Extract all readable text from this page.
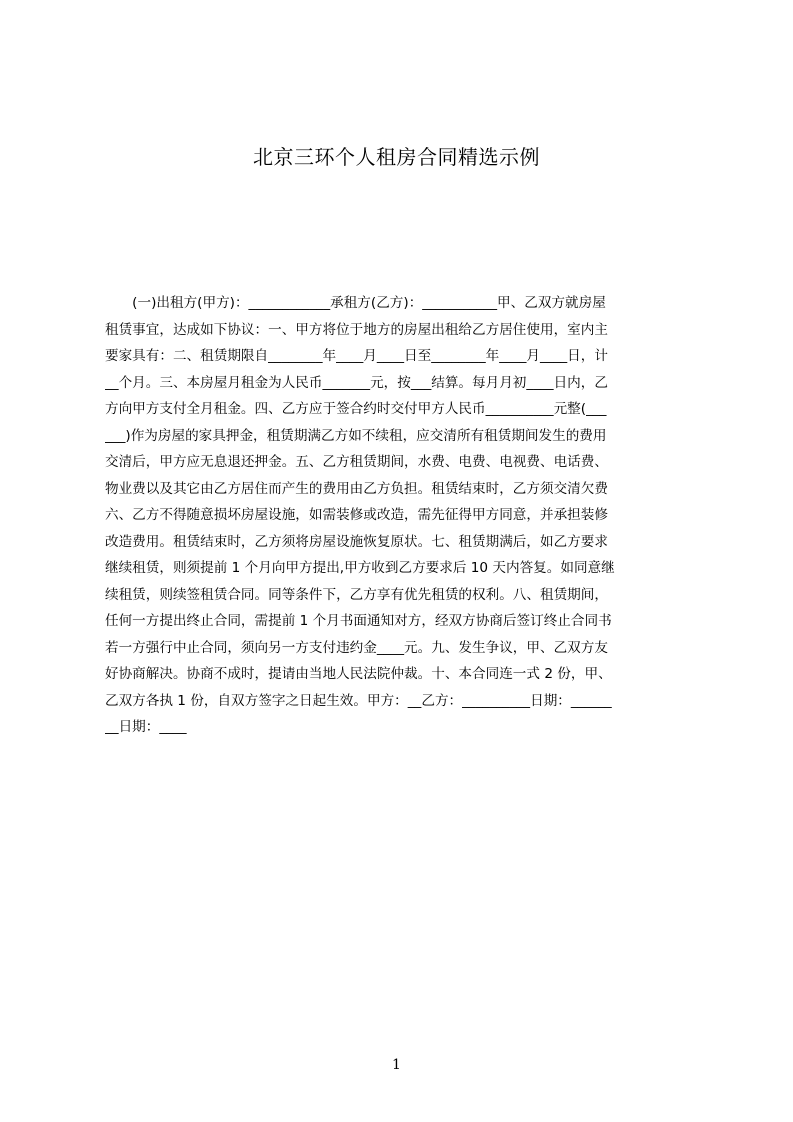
北京三环个人租房合同精选示例
　　(一)出租方(甲方)：____________承租方(乙方)：___________甲、乙双方就房屋
租赁事宜，达成如下协议：一、甲方将位于地方的房屋出租给乙方居住使用，室内主
要家具有：二、租赁期限自________年____月____日至________年____月____日，计
__个月。三、本房屋月租金为人民币_______元，按___结算。每月月初____日内，乙
方向甲方支付全月租金。四、乙方应于签合约时交付甲方人民币__________元整(___
___)作为房屋的家具押金，租赁期满乙方如不续租，应交清所有租赁期间发生的费用
交清后，甲方应无息退还押金。五、乙方租赁期间，水费、电费、电视费、电话费、
物业费以及其它由乙方居住而产生的费用由乙方负担。租赁结束时，乙方须交清欠费
六、乙方不得随意损坏房屋设施，如需装修或改造，需先征得甲方同意，并承担装修
改造费用。租赁结束时，乙方须将房屋设施恢复原状。七、租赁期满后，如乙方要求
继续租赁，则须提前 1 个月向甲方提出,甲方收到乙方要求后 10 天内答复。如同意继
续租赁，则续签租赁合同。同等条件下，乙方享有优先租赁的权利。八、租赁期间，
任何一方提出终止合同，需提前 1 个月书面通知对方，经双方协商后签订终止合同书
若一方强行中止合同，须向另一方支付违约金____元。九、发生争议，甲、乙双方友
好协商解决。协商不成时，提请由当地人民法院仲裁。十、本合同连一式 2 份，甲、
乙双方各执 1 份，自双方签字之日起生效。甲方：__乙方：__________日期：______
__日期：____
1
